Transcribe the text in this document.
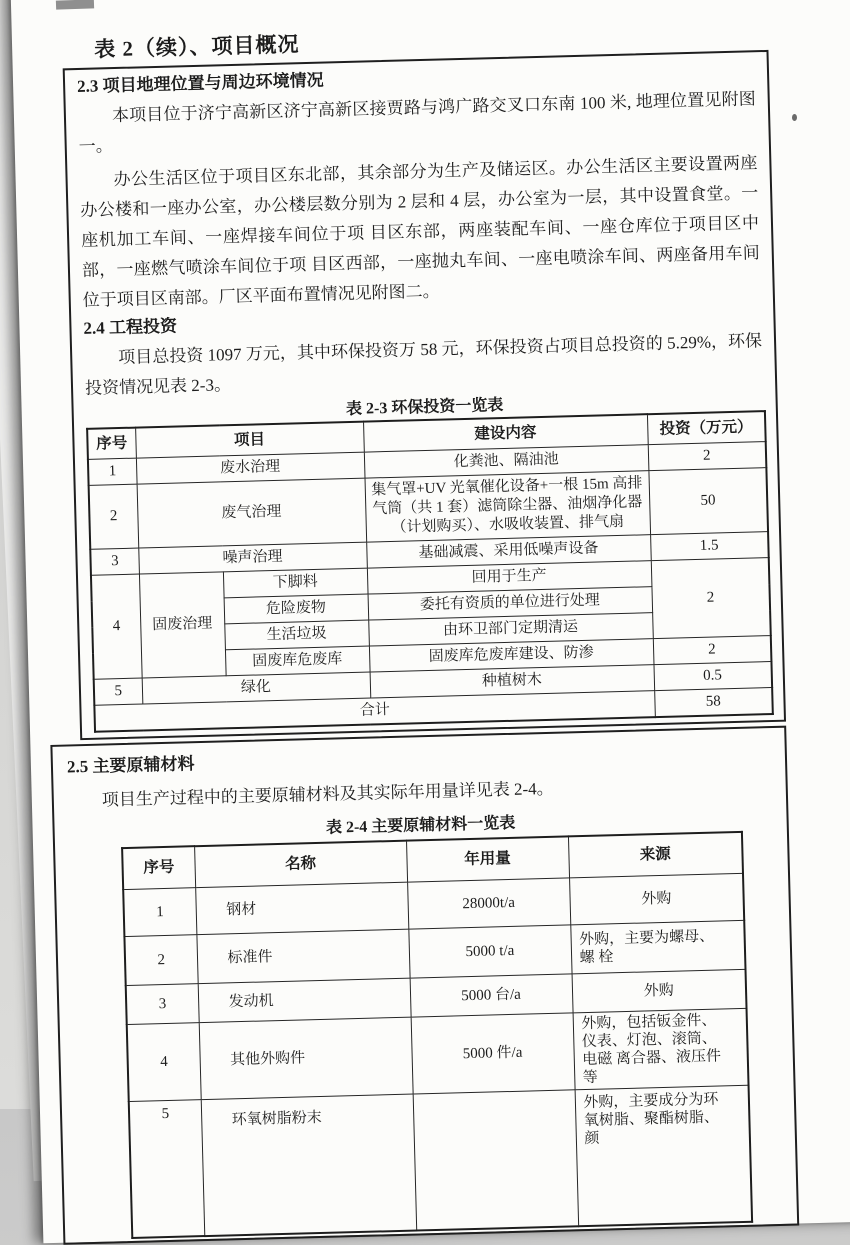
表 2（续）、项目概况
2.3 项目地理位置与周边环境情况

本项目位于济宁高新区济宁高新区接贾路与鸿广路交叉口东南 100 米, 地理位置见附图一。

办公生活区位于项目区东北部，其余部分为生产及储运区。办公生活区主要设置两座办公楼和一座办公室，办公楼层数分别为 2 层和 4 层，办公室为一层，其中设置食堂。一座机加工车间、一座焊接车间位于项 目区东部，两座装配车间、一座仓库位于项目区中部，一座燃气喷涂车间位于项 目区西部，一座抛丸车间、一座电喷涂车间、两座备用车间位于项目区南部。厂区平面布置情况见附图二。

2.4 工程投资

项目总投资 1097 万元，其中环保投资万 58 元，环保投资占项目总投资的 5.29%，环保投资情况见表 2-3。

表 2-3 环保投资一览表
序号	项目		建设内容	投资（万元）
1	废水治理		化粪池、隔油池	2
2	废气治理		集气罩+UV 光氧催化设备+一根 15m 高排气筒（共 1 套）滤筒除尘器、油烟净化器（计划购买）、水吸收装置、排气扇	50
3	噪声治理		基础减震、采用低噪声设备	1.5
4	固废治理	下脚料	回用于生产	2
		危险废物	委托有资质的单位进行处理	
		生活垃圾	由环卫部门定期清运	
		固废库危废库	固废库危废库建设、防渗	2
5	绿化		种植树木	0.5
合计				58
2.5 主要原辅材料

项目生产过程中的主要原辅材料及其实际年用量详见表 2-4。

表 2-4 主要原辅材料一览表
序号	名称	年用量	来源
1	钢材	28000t/a	外购
2	标准件	5000 t/a	外购，主要为螺母、螺 栓
3	发动机	5000 台/a	外购
4	其他外购件	5000 件/a	外购，包括钣金件、仪表、灯泡、滚筒、电磁 离合器、液压件等
5	环氧树脂粉末		外购，主要成分为环氧树脂、聚酯树脂、颜
